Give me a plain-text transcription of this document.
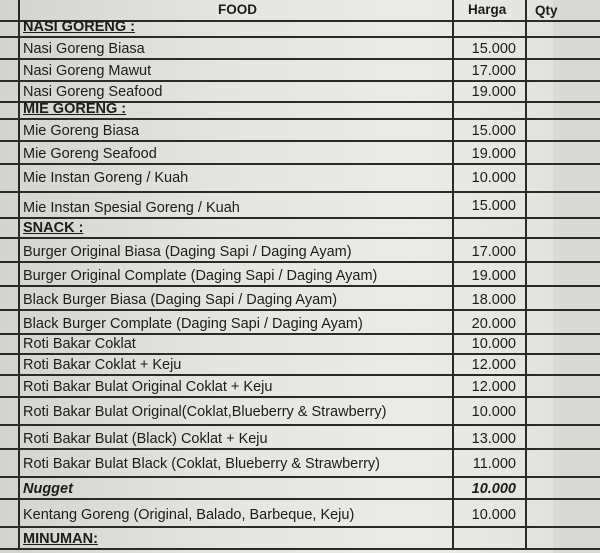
FOOD	Harga	Qty
NASI GORENG :
Nasi Goreng Biasa	15.000
Nasi Goreng Mawut	17.000
Nasi Goreng Seafood	19.000
MIE GORENG :
Mie Goreng Biasa	15.000
Mie Goreng Seafood	19.000
Mie Instan Goreng / Kuah	10.000
Mie Instan Spesial Goreng / Kuah	15.000
SNACK :
Burger Original Biasa (Daging Sapi / Daging Ayam)	17.000
Burger Original Complate (Daging Sapi / Daging Ayam)	19.000
Black Burger Biasa (Daging Sapi / Daging Ayam)	18.000
Black Burger Complate (Daging Sapi / Daging Ayam)	20.000
Roti Bakar Coklat	10.000
Roti Bakar Coklat + Keju	12.000
Roti Bakar Bulat Original Coklat + Keju	12.000
Roti Bakar Bulat Original(Coklat,Blueberry & Strawberry)	10.000
Roti Bakar Bulat (Black) Coklat + Keju	13.000
Roti Bakar Bulat Black (Coklat, Blueberry & Strawberry)	11.000
Nugget	10.000
Kentang Goreng (Original, Balado, Barbeque, Keju)	10.000
MINUMAN:
